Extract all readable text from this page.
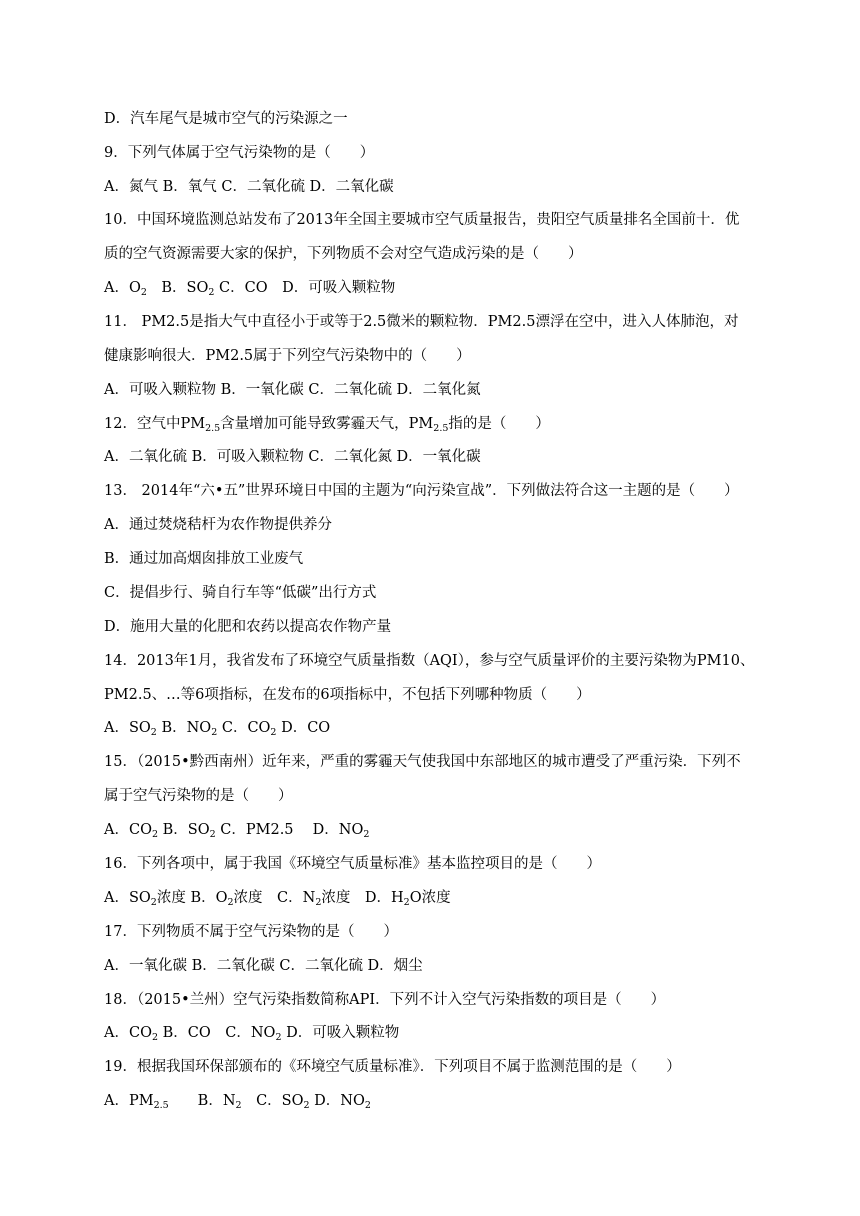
D．汽车尾气是城市空气的污染源之一
9．下列气体属于空气污染物的是（　　）
A．氮气 B．氧气 C．二氧化硫 D．二氧化碳
10．中国环境监测总站发布了2013年全国主要城市空气质量报告，贵阳空气质量排名全国前十．优
质的空气资源需要大家的保护，下列物质不会对空气造成污染的是（　　）
A．$O_2$　B．$SO_2$ C．CO　D．可吸入颗粒物
11． PM2.5是指大气中直径小于或等于2.5微米的颗粒物．PM2.5漂浮在空中，进入人体肺泡，对
健康影响很大．PM2.5属于下列空气污染物中的（　　）
A．可吸入颗粒物 B．一氧化碳 C．二氧化硫 D．二氧化氮
12．空气中$PM_{2.5}$含量增加可能导致雾霾天气，$PM_{2.5}$指的是（　　）
A．二氧化硫 B．可吸入颗粒物 C．二氧化氮 D．一氧化碳
13． 2014年“六•五”世界环境日中国的主题为“向污染宣战”．下列做法符合这一主题的是（　　）
A．通过焚烧秸杆为农作物提供养分
B．通过加高烟囱排放工业废气
C．提倡步行、骑自行车等“低碳”出行方式
D．施用大量的化肥和农药以提高农作物产量
14．2013年1月，我省发布了环境空气质量指数（AQI），参与空气质量评价的主要污染物为PM10、
PM2.5、…等6项指标，在发布的6项指标中，不包括下列哪种物质（　　）
A．$SO_2$ B．$NO_2$ C．$CO_2$ D．CO
15．（2015•黔西南州）近年来，严重的雾霾天气使我国中东部地区的城市遭受了严重污染．下列不
属于空气污染物的是（　　）
A．$CO_2$ B．$SO_2$ C．PM2.5　 D．$NO_2$
16．下列各项中，属于我国《环境空气质量标准》基本监控项目的是（　　）
A．$SO_2$浓度 B．$O_2$浓度　C．$N_2$浓度　D．$H_2O$浓度
17．下列物质不属于空气污染物的是（　　）
A．一氧化碳 B．二氧化碳 C．二氧化硫 D．烟尘
18．（2015•兰州）空气污染指数简称API．下列不计入空气污染指数的项目是（　　）
A．$CO_2$ B．CO　C．$NO_2$ D．可吸入颗粒物
19．根据我国环保部颁布的《环境空气质量标准》．下列项目不属于监测范围的是（　　）
A．$PM_{2.5}$　　B．$N_2$　C．$SO_2$ D．$NO_2$
